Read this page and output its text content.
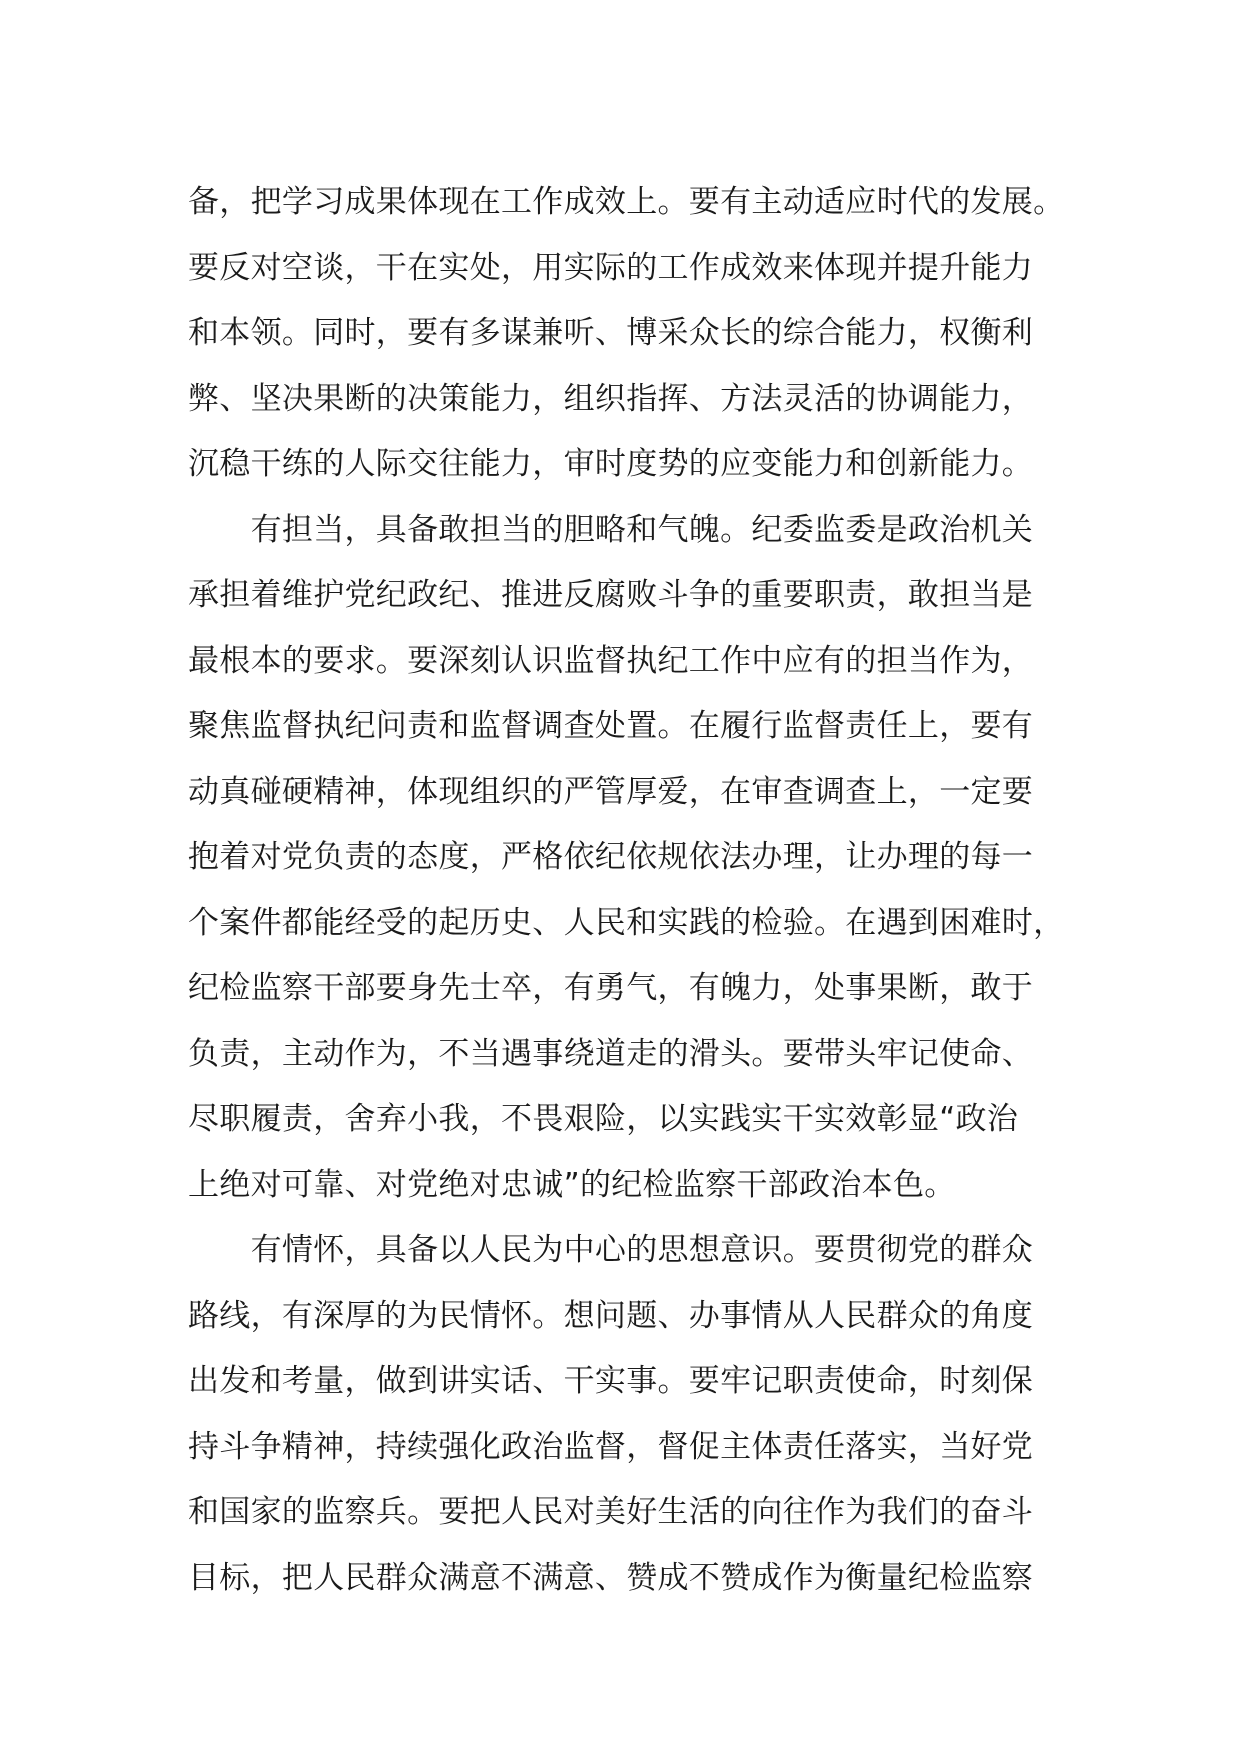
备，把学习成果体现在工作成效上。要有主动适应时代的发展。
要反对空谈，干在实处，用实际的工作成效来体现并提升能力
和本领。同时，要有多谋兼听、博采众长的综合能力，权衡利
弊、坚决果断的决策能力，组织指挥、方法灵活的协调能力，
沉稳干练的人际交往能力，审时度势的应变能力和创新能力。
　　有担当，具备敢担当的胆略和气魄。纪委监委是政治机关
承担着维护党纪政纪、推进反腐败斗争的重要职责，敢担当是
最根本的要求。要深刻认识监督执纪工作中应有的担当作为，
聚焦监督执纪问责和监督调查处置。在履行监督责任上，要有
动真碰硬精神，体现组织的严管厚爱，在审查调查上，一定要
抱着对党负责的态度，严格依纪依规依法办理，让办理的每一
个案件都能经受的起历史、人民和实践的检验。在遇到困难时，
纪检监察干部要身先士卒，有勇气，有魄力，处事果断，敢于
负责，主动作为，不当遇事绕道走的滑头。要带头牢记使命、
尽职履责，舍弃小我，不畏艰险，以实践实干实效彰显“政治
上绝对可靠、对党绝对忠诚”的纪检监察干部政治本色。
　　有情怀，具备以人民为中心的思想意识。要贯彻党的群众
路线，有深厚的为民情怀。想问题、办事情从人民群众的角度
出发和考量，做到讲实话、干实事。要牢记职责使命，时刻保
持斗争精神，持续强化政治监督，督促主体责任落实，当好党
和国家的监察兵。要把人民对美好生活的向往作为我们的奋斗
目标，把人民群众满意不满意、赞成不赞成作为衡量纪检监察
